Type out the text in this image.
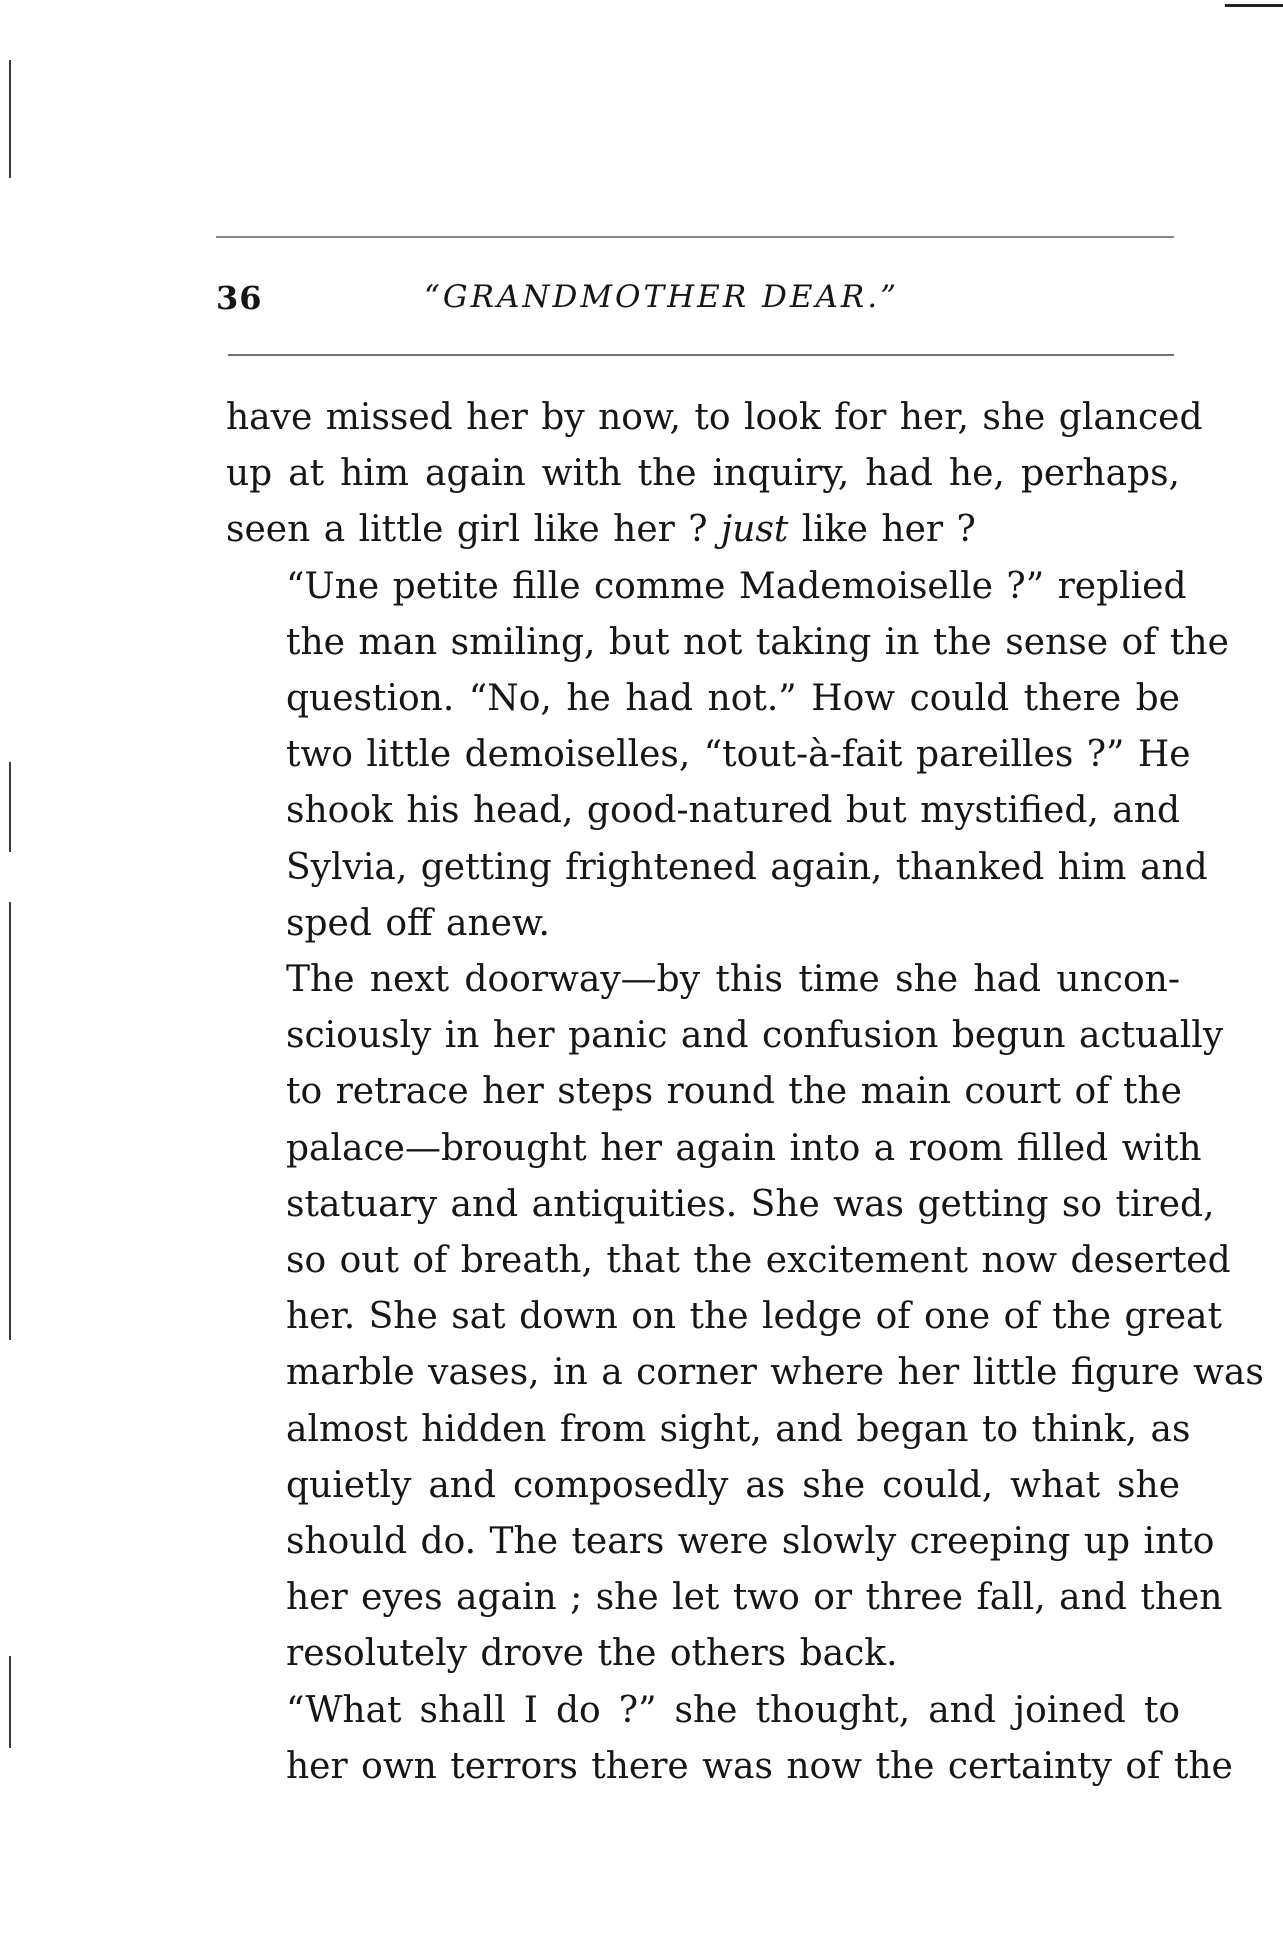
36	“GRANDMOTHER DEAR.”

have missed her by now, to look for her, she glanced
up at him again with the inquiry, had he, perhaps,
seen a little girl like her ? just like her ?

“Une petite fille comme Mademoiselle ?” replied
the man smiling, but not taking in the sense of the
question. “No, he had not.” How could there be
two little demoiselles, “tout-à-fait pareilles ?” He
shook his head, good-natured but mystified, and
Sylvia, getting frightened again, thanked him and
sped off anew.

The next doorway—by this time she had uncon-
sciously in her panic and confusion begun actually
to retrace her steps round the main court of the
palace—brought her again into a room filled with
statuary and antiquities. She was getting so tired,
so out of breath, that the excitement now deserted
her. She sat down on the ledge of one of the great
marble vases, in a corner where her little figure was
almost hidden from sight, and began to think, as
quietly and composedly as she could, what she
should do. The tears were slowly creeping up into
her eyes again ; she let two or three fall, and then
resolutely drove the others back.

“What shall I do ?” she thought, and joined to
her own terrors there was now the certainty of the
